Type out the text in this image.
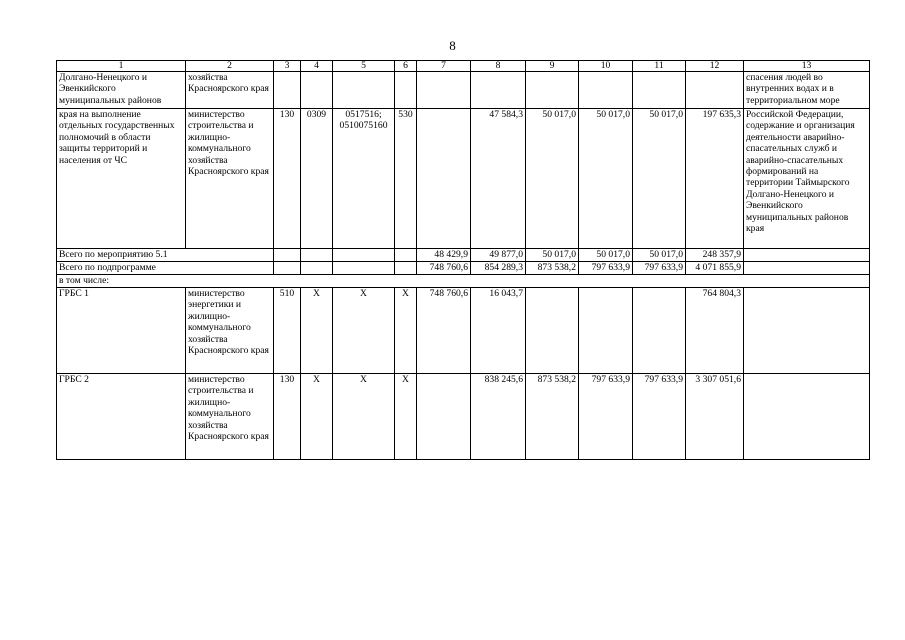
8
1	2	3	4	5	6	7	8	9	10	11	12	13
Долгано-Ненецкого и Эвенкийского муниципальных районов	хозяйства Красноярского края											спасения людей во внутренних водах и в территориальном море
края на выполнение отдельных государственных полномочий в области защиты территорий и населения от ЧС	министерство строительства и жилищно-коммунального хозяйства Красноярского края	130	0309	0517516; 0510075160	530		47 584,3	50 017,0	50 017,0	50 017,0	197 635,3	Российской Федерации, содержание и организация деятельности аварийно-спасательных служб и аварийно-спасательных формирований на территории Таймырского Долгано-Ненецкого и Эвенкийского муниципальных районов края
Всего по мероприятию 5.1						48 429,9	49 877,0	50 017,0	50 017,0	50 017,0	248 357,9	
Всего по подпрограмме						748 760,6	854 289,3	873 538,2	797 633,9	797 633,9	4 071 855,9	
в том числе:												
ГРБС 1	министерство энергетики и жилищно-коммунального хозяйства Красноярского края	510	Х	Х	Х	748 760,6	16 043,7				764 804,3	
ГРБС 2	министерство строительства и жилищно-коммунального хозяйства Красноярского края	130	Х	Х	Х		838 245,6	873 538,2	797 633,9	797 633,9	3 307 051,6	
